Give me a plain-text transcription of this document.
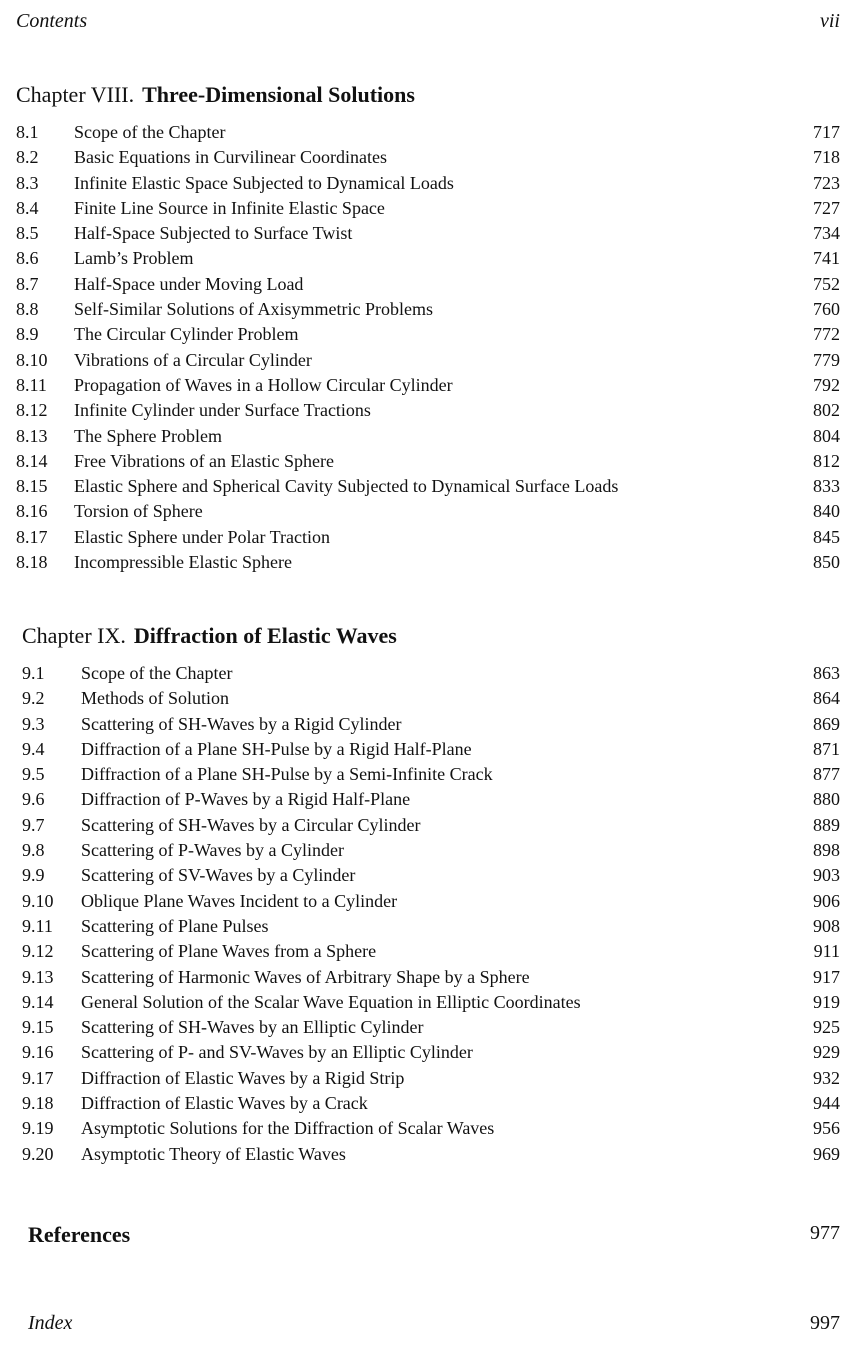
Contents	vii
Chapter VIII. Three-Dimensional Solutions
8.1 Scope of the Chapter	717
8.2 Basic Equations in Curvilinear Coordinates	718
8.3 Infinite Elastic Space Subjected to Dynamical Loads	723
8.4 Finite Line Source in Infinite Elastic Space	727
8.5 Half-Space Subjected to Surface Twist	734
8.6 Lamb’s Problem	741
8.7 Half-Space under Moving Load	752
8.8 Self-Similar Solutions of Axisymmetric Problems	760
8.9 The Circular Cylinder Problem	772
8.10 Vibrations of a Circular Cylinder	779
8.11 Propagation of Waves in a Hollow Circular Cylinder	792
8.12 Infinite Cylinder under Surface Tractions	802
8.13 The Sphere Problem	804
8.14 Free Vibrations of an Elastic Sphere	812
8.15 Elastic Sphere and Spherical Cavity Subjected to Dynamical Surface Loads	833
8.16 Torsion of Sphere	840
8.17 Elastic Sphere under Polar Traction	845
8.18 Incompressible Elastic Sphere	850
Chapter IX. Diffraction of Elastic Waves
9.1 Scope of the Chapter	863
9.2 Methods of Solution	864
9.3 Scattering of SH-Waves by a Rigid Cylinder	869
9.4 Diffraction of a Plane SH-Pulse by a Rigid Half-Plane	871
9.5 Diffraction of a Plane SH-Pulse by a Semi-Infinite Crack	877
9.6 Diffraction of P-Waves by a Rigid Half-Plane	880
9.7 Scattering of SH-Waves by a Circular Cylinder	889
9.8 Scattering of P-Waves by a Cylinder	898
9.9 Scattering of SV-Waves by a Cylinder	903
9.10 Oblique Plane Waves Incident to a Cylinder	906
9.11 Scattering of Plane Pulses	908
9.12 Scattering of Plane Waves from a Sphere	911
9.13 Scattering of Harmonic Waves of Arbitrary Shape by a Sphere	917
9.14 General Solution of the Scalar Wave Equation in Elliptic Coordinates	919
9.15 Scattering of SH-Waves by an Elliptic Cylinder	925
9.16 Scattering of P- and SV-Waves by an Elliptic Cylinder	929
9.17 Diffraction of Elastic Waves by a Rigid Strip	932
9.18 Diffraction of Elastic Waves by a Crack	944
9.19 Asymptotic Solutions for the Diffraction of Scalar Waves	956
9.20 Asymptotic Theory of Elastic Waves	969
References	977
Index	997
